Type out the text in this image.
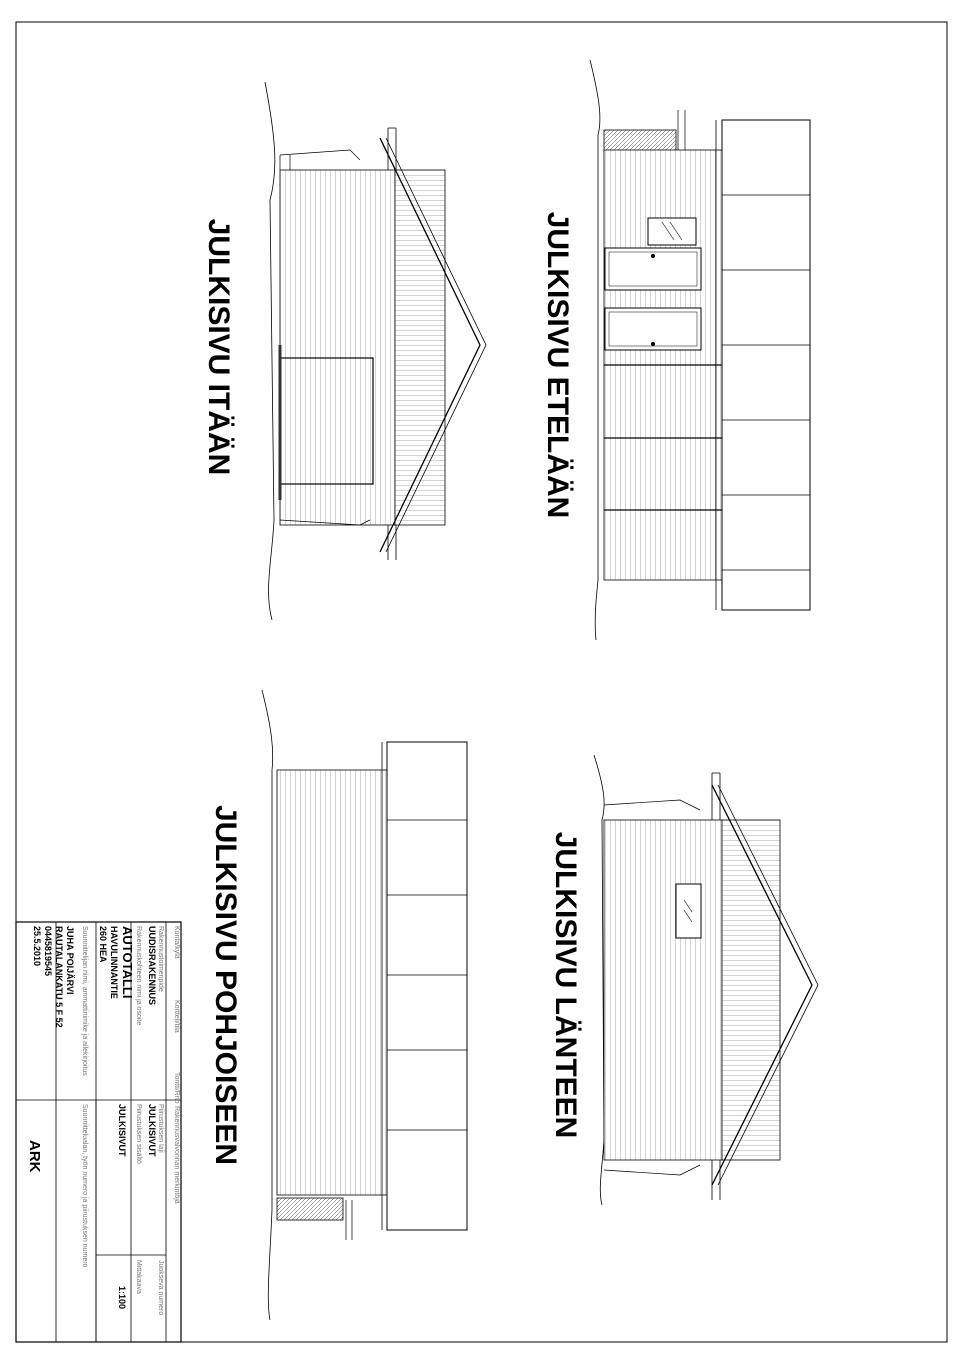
JULKISIVU ITÄÄN	JULKISIVU ETELÄÄN
JULKISIVU POHJOISEEN	JULKISIVU LÄNTEEN
Kunta/kylä
Kortteli/tila
Tontti/Rno
Rakennusvalvonnan merkintöjä
Rakennustoimenpide
UUDISRAKENNUS
Piirustuksen laji
JULKISIVUT
Juokseva numero
Rakennuskohteen nimi ja osoite
AUTOTALLI
HAVULINNANTIE
260 HEA
Piirustuksen sisältö
JULKISIVUT
Mittakaava
1:100
Suunnittelijan nimi, ammattinimike ja allekirjoitus
JUHA POIJÄRVI
RAUTALANKATU 5 F 52
0445819545
25.5.2010
Suunnittelualan, työn numero ja piirustuksen numero
ARK
